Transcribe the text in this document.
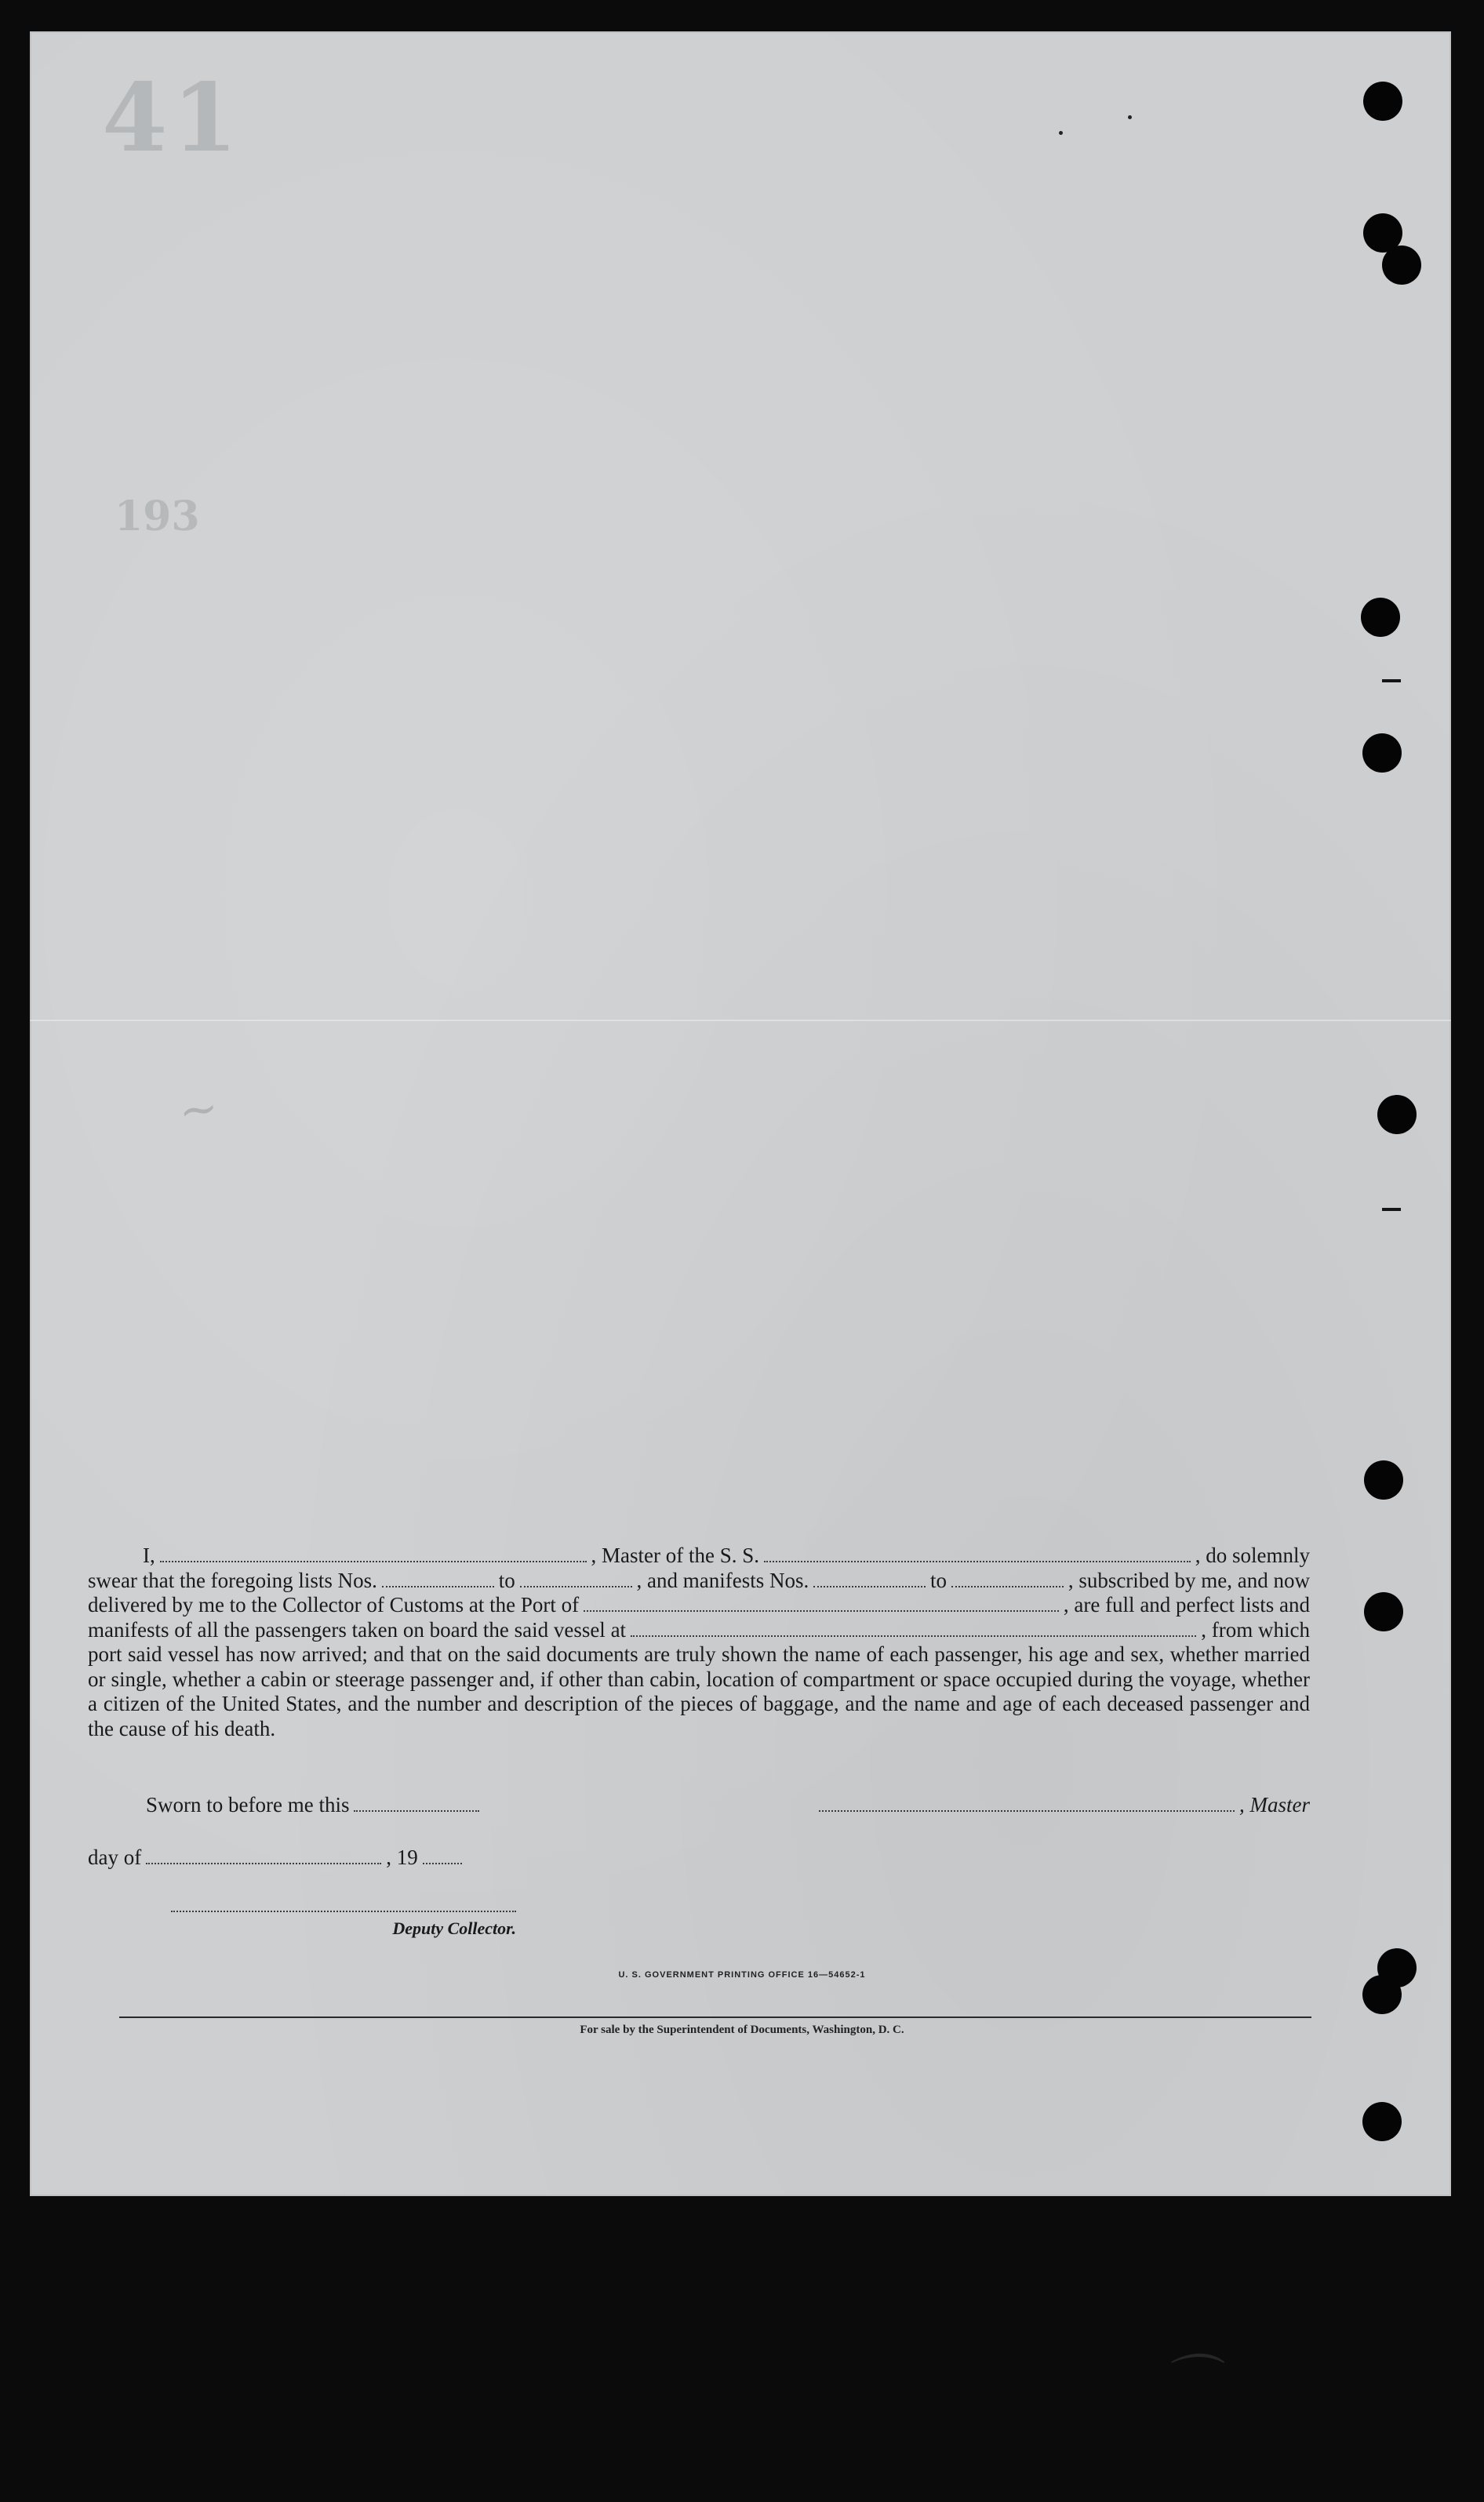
41
193
~
I,	, Master of the S. S.	, do solemnly
swear that the foregoing lists Nos.	to	, and manifests Nos.	to	, subscribed by me, and now
delivered by me to the Collector of Customs at the Port of	, are full and perfect lists and
manifests of all the passengers taken on board the said vessel at	, from which
port said vessel has now arrived; and that on the said documents are truly shown the name of each passenger, his age and sex, whether married or single, whether a cabin or steerage passenger and, if other than cabin, location of compartment or space occupied during the voyage, whether a citizen of the United States, and the number and description of the pieces of baggage, and the name and age of each deceased passenger and the cause of his death.
Sworn to before me this	, Master
day of	, 19
Deputy Collector.
U. S. GOVERNMENT PRINTING OFFICE 16—54652-1
For sale by the Superintendent of Documents, Washington, D. C.
⌒
